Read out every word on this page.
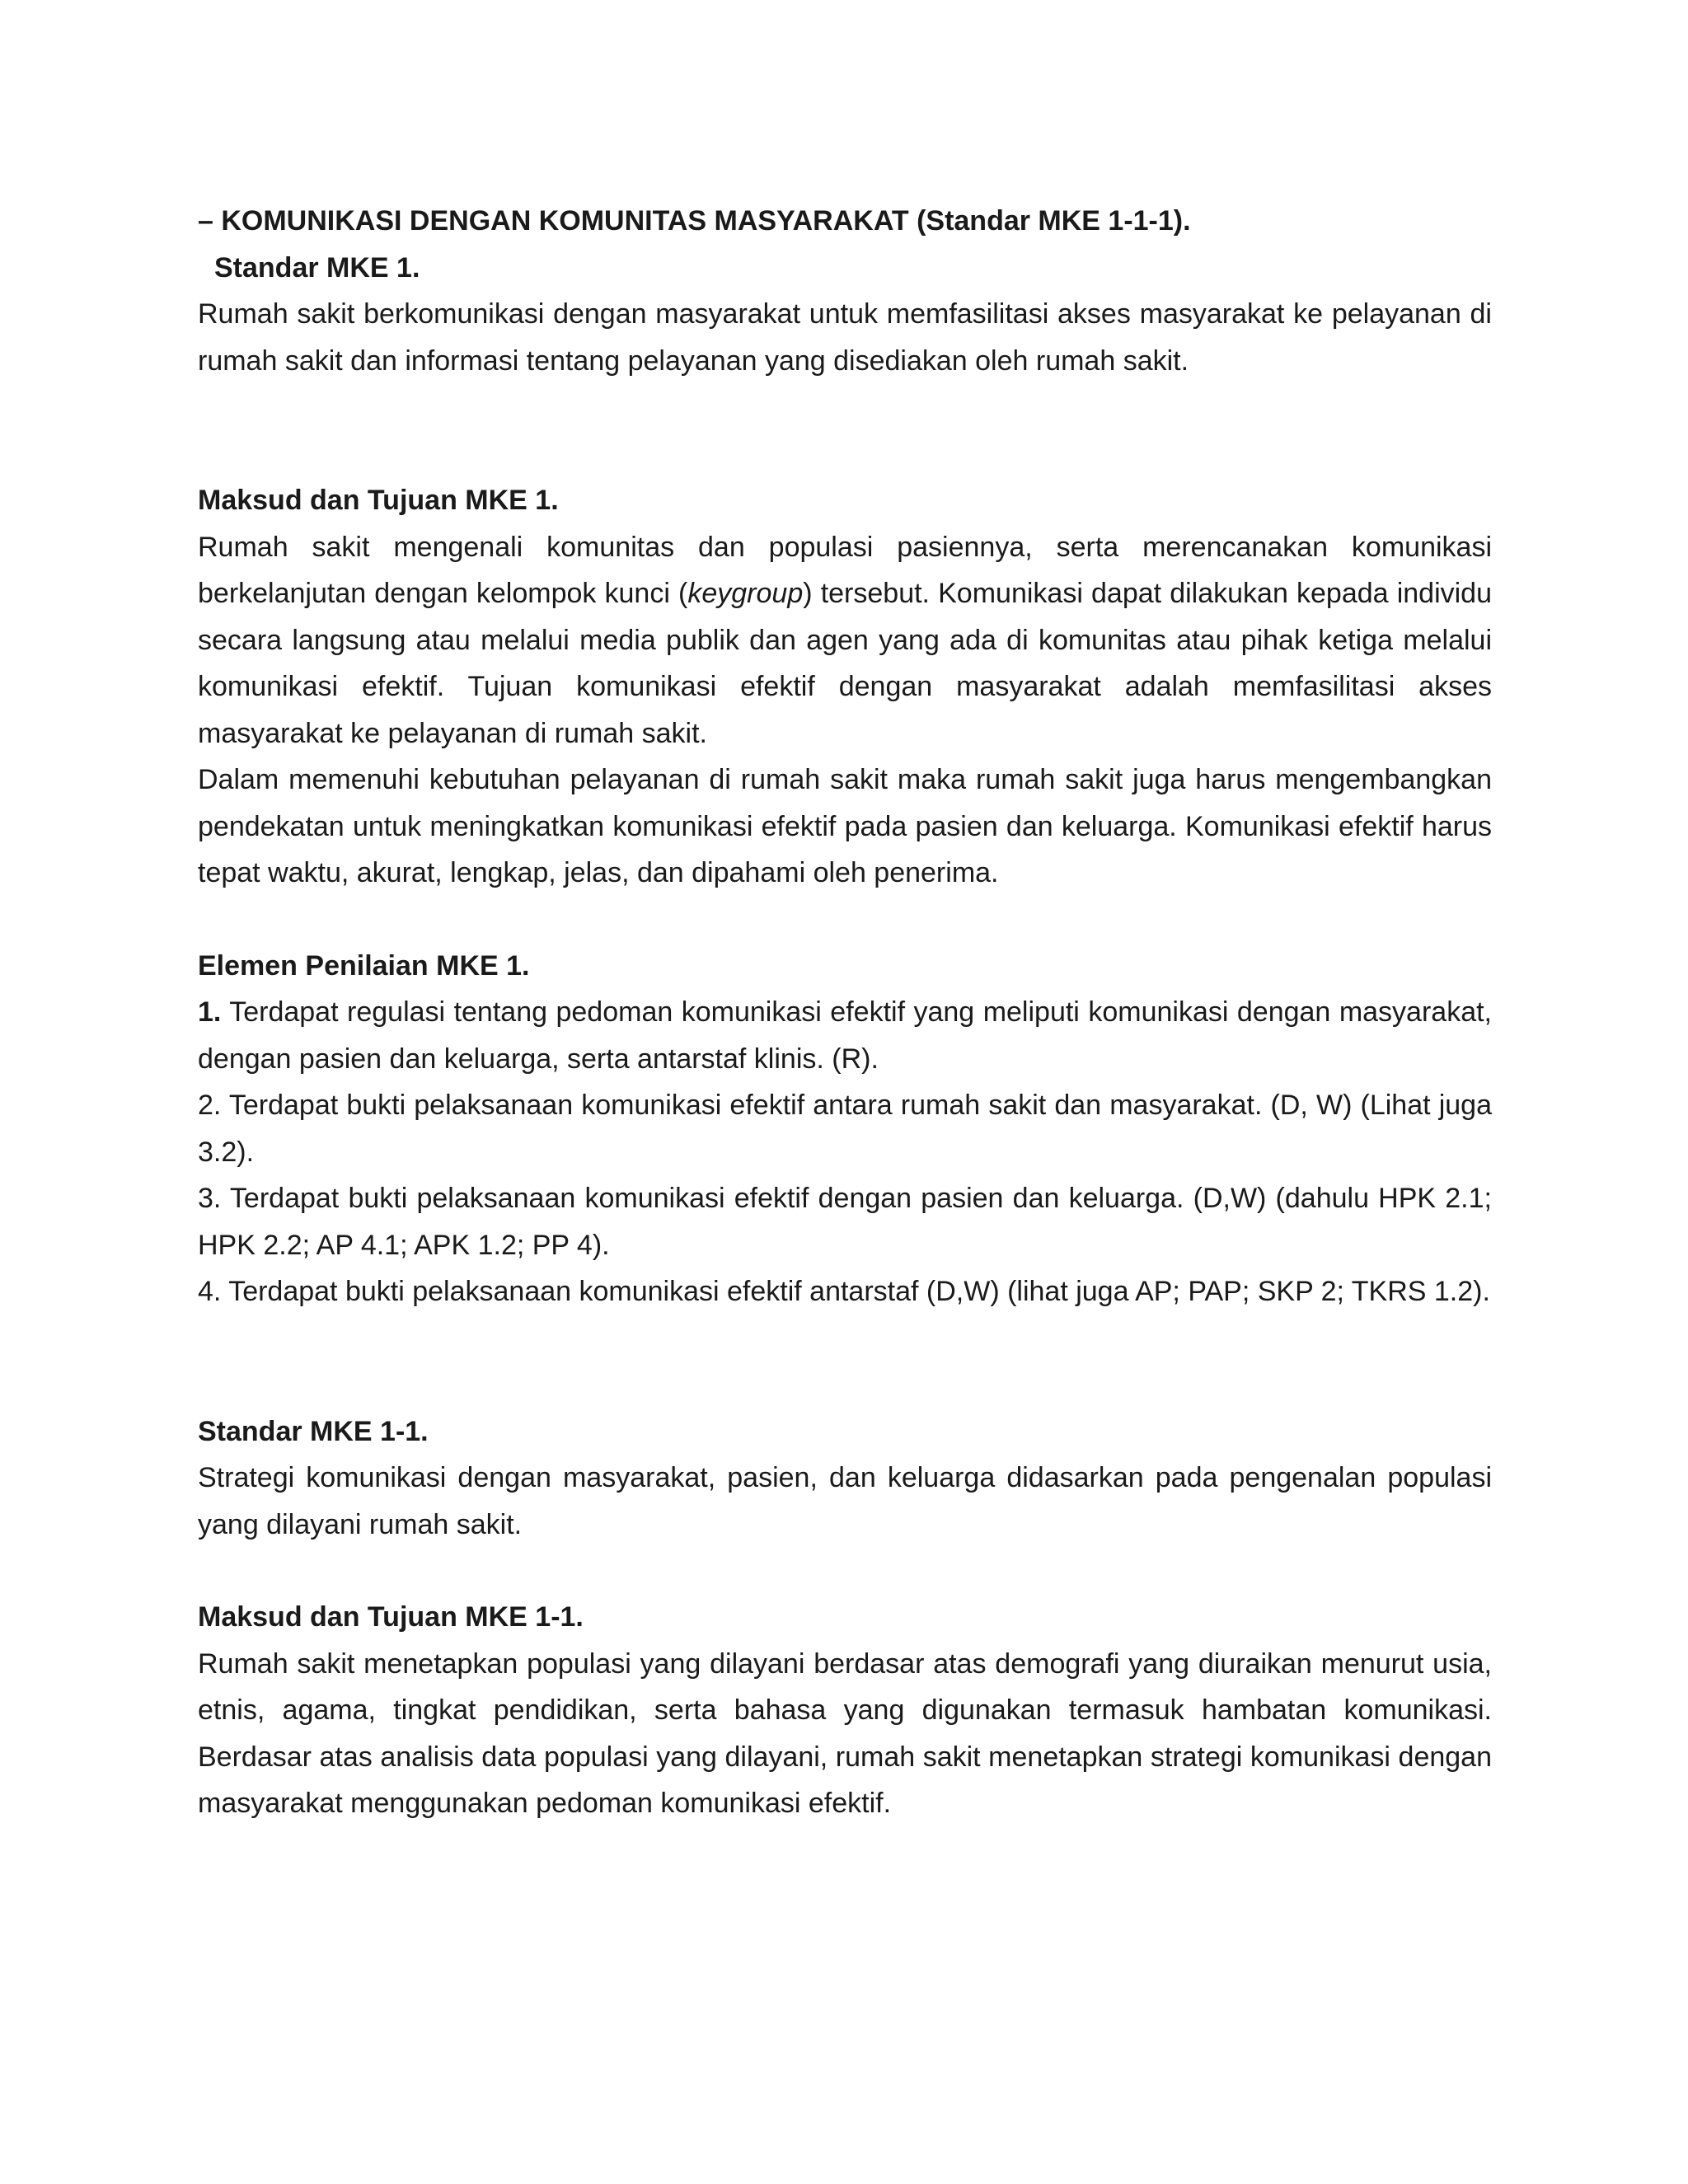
– KOMUNIKASI DENGAN KOMUNITAS MASYARAKAT (Standar MKE 1-1-1).

Standar MKE 1.

Rumah sakit berkomunikasi dengan masyarakat untuk memfasilitasi akses masyarakat ke pelayanan di rumah sakit dan informasi tentang pelayanan yang disediakan oleh rumah sakit.

Maksud dan Tujuan MKE 1.

Rumah sakit mengenali komunitas dan populasi pasiennya, serta merencanakan komunikasi berkelanjutan dengan kelompok kunci (keygroup) tersebut. Komunikasi dapat dilakukan kepada individu secara langsung atau melalui media publik dan agen yang ada di komunitas atau pihak ketiga melalui komunikasi efektif. Tujuan komunikasi efektif dengan masyarakat adalah memfasilitasi akses masyarakat ke pelayanan di rumah sakit.

Dalam memenuhi kebutuhan pelayanan di rumah sakit maka rumah sakit juga harus mengembangkan pendekatan untuk meningkatkan komunikasi efektif pada pasien dan keluarga. Komunikasi efektif harus tepat waktu, akurat, lengkap, jelas, dan dipahami oleh penerima.

Elemen Penilaian MKE 1.

1. Terdapat regulasi tentang pedoman komunikasi efektif yang meliputi komunikasi dengan masyarakat, dengan pasien dan keluarga, serta antarstaf klinis. (R).

2. Terdapat bukti pelaksanaan komunikasi efektif antara rumah sakit dan masyarakat. (D, W) (Lihat juga 3.2).

3. Terdapat bukti pelaksanaan komunikasi efektif dengan pasien dan keluarga. (D,W) (dahulu HPK 2.1; HPK 2.2; AP 4.1; APK 1.2; PP 4).

4. Terdapat bukti pelaksanaan komunikasi efektif antarstaf (D,W) (lihat juga AP; PAP; SKP 2; TKRS 1.2).

Standar MKE 1-1.

Strategi komunikasi dengan masyarakat, pasien, dan keluarga didasarkan pada pengenalan populasi yang dilayani rumah sakit.

Maksud dan Tujuan MKE 1-1.

Rumah sakit menetapkan populasi yang dilayani berdasar atas demografi yang diuraikan menurut usia, etnis, agama, tingkat pendidikan, serta bahasa yang digunakan termasuk hambatan komunikasi. Berdasar atas analisis data populasi yang dilayani, rumah sakit menetapkan strategi komunikasi dengan masyarakat menggunakan pedoman komunikasi efektif.
